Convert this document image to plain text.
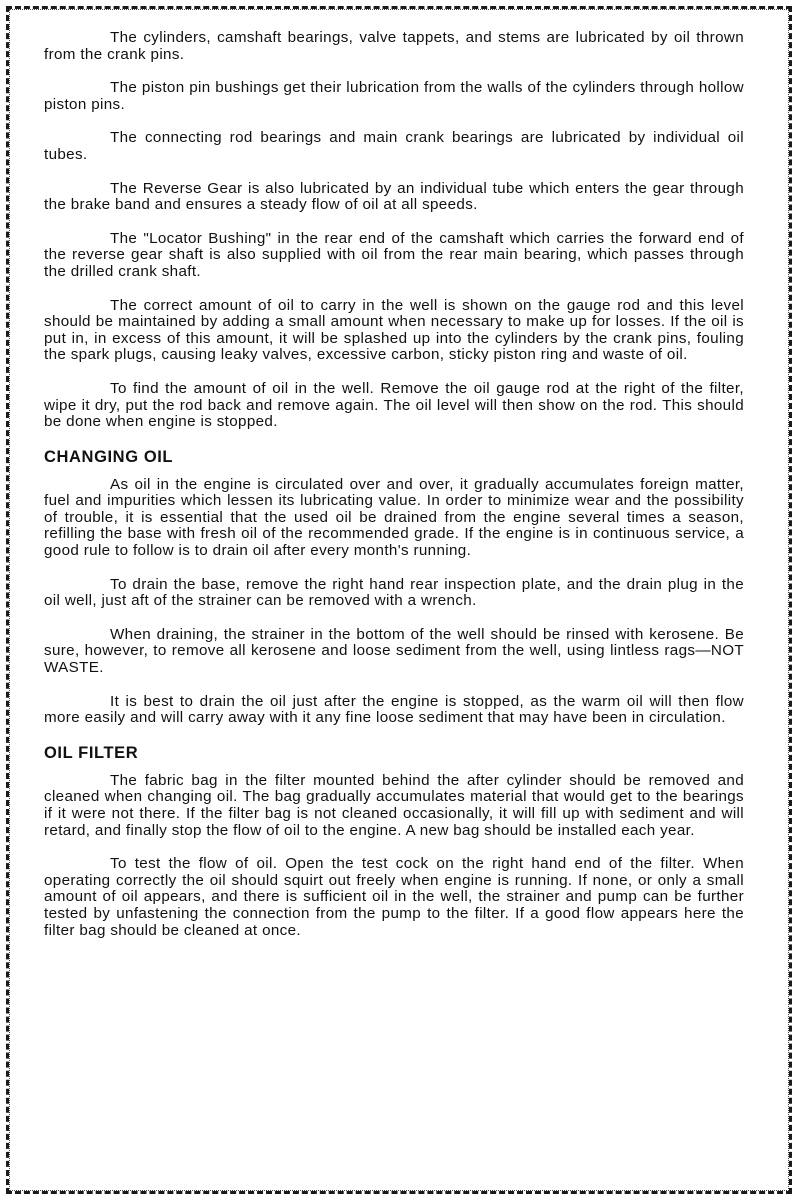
The cylinders, camshaft bearings, valve tappets, and stems are lubricated by oil thrown from the crank pins.

The piston pin bushings get their lubrication from the walls of the cylinders through hollow piston pins.

The connecting rod bearings and main crank bearings are lubricated by individual oil tubes.

The Reverse Gear is also lubricated by an individual tube which enters the gear through the brake band and ensures a steady flow of oil at all speeds.

The "Locator Bushing" in the rear end of the camshaft which carries the forward end of the reverse gear shaft is also supplied with oil from the rear main bearing, which passes through the drilled crank shaft.

The correct amount of oil to carry in the well is shown on the gauge rod and this level should be maintained by adding a small amount when necessary to make up for losses. If the oil is put in, in excess of this amount, it will be splashed up into the cylinders by the crank pins, fouling the spark plugs, causing leaky valves, excessive carbon, sticky piston ring and waste of oil.

To find the amount of oil in the well. Remove the oil gauge rod at the right of the filter, wipe it dry, put the rod back and remove again. The oil level will then show on the rod. This should be done when engine is stopped.

CHANGING OIL

As oil in the engine is circulated over and over, it gradually accumulates foreign matter, fuel and impurities which lessen its lubricating value. In order to minimize wear and the possibility of trouble, it is essential that the used oil be drained from the engine several times a season, refilling the base with fresh oil of the recommended grade. If the engine is in continuous service, a good rule to follow is to drain oil after every month's running.

To drain the base, remove the right hand rear inspection plate, and the drain plug in the oil well, just aft of the strainer can be removed with a wrench.

When draining, the strainer in the bottom of the well should be rinsed with kerosene. Be sure, however, to remove all kerosene and loose sediment from the well, using lintless rags—NOT WASTE.

It is best to drain the oil just after the engine is stopped, as the warm oil will then flow more easily and will carry away with it any fine loose sediment that may have been in circulation.

OIL FILTER

The fabric bag in the filter mounted behind the after cylinder should be removed and cleaned when changing oil. The bag gradually accumulates material that would get to the bearings if it were not there. If the filter bag is not cleaned occasionally, it will fill up with sediment and will retard, and finally stop the flow of oil to the engine. A new bag should be installed each year.

To test the flow of oil. Open the test cock on the right hand end of the filter. When operating correctly the oil should squirt out freely when engine is running. If none, or only a small amount of oil appears, and there is sufficient oil in the well, the strainer and pump can be further tested by unfastening the connection from the pump to the filter. If a good flow appears here the filter bag should be cleaned at once.
